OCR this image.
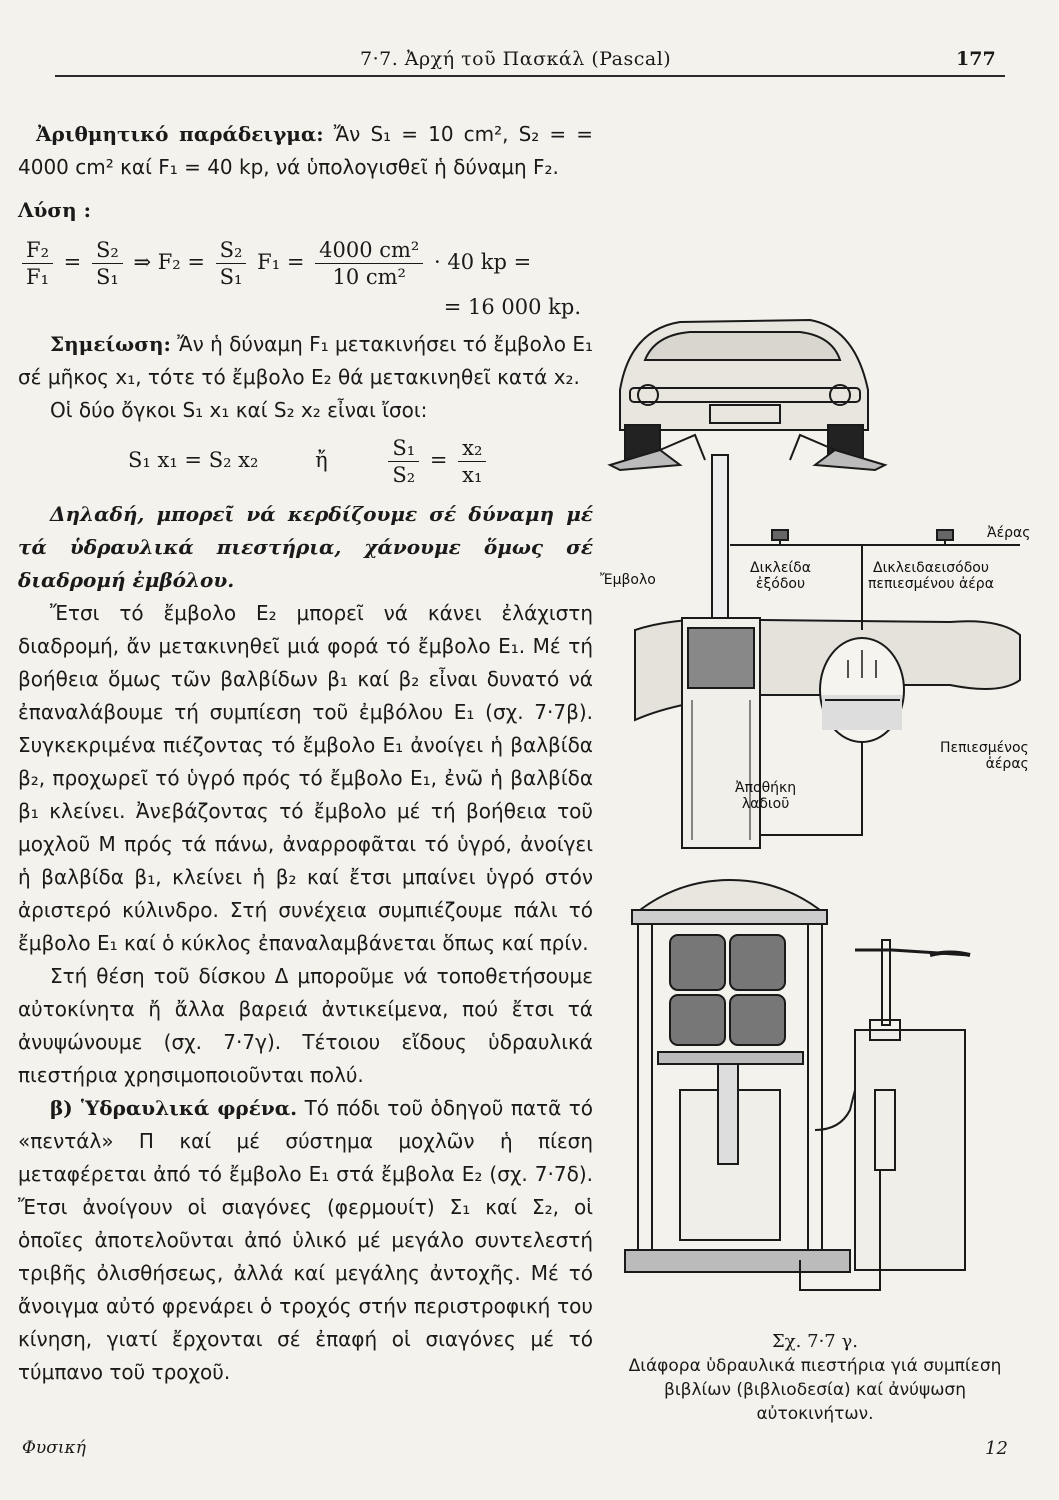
7·7. Ἀρχή τοῦ Πασκάλ (Pascal)	177

Ἀριθμητικό παράδειγμα: Ἄν S₁ = 10 cm², S₂ = = 4000 cm² καί F₁ = 40 kp, νά ὑπολογισθεῖ ἡ δύναμη F₂.

Λύση :

$\frac{\text{F₂}}{\text{F₁}} = \frac{\text{S₂}}{\text{S₁}}$ ⇒ $F_2 = \frac{\text{S₂}}{\text{S₁}} F_1 = \frac{\text{4000 cm²}}{\text{10 cm²}} \cdot 40$ kp =
= 16 000 kp.

Σημείωση: Ἄν ἡ δύναμη F₁ μετακινήσει τό ἔμβολο E₁ σέ μῆκος x₁, τότε τό ἔμβολο E₂ θά μετακινηθεῖ κατά x₂.

Οἱ δύο ὄγκοι S₁ x₁ καί S₂ x₂ εἶναι ἴσοι:

S₁ x₁ = S₂ x₂	ἤ	$\frac{\text{S₁}}{\text{S₂}} = \frac{\text{x₂}}{\text{x₁}}$

Δηλαδή, μπορεῖ νά κερδίζουμε σέ δύναμη μέ τά ὑδραυλικά πιεστήρια, χάνουμε ὅμως σέ διαδρομή ἐμβόλου.

Ἔτσι τό ἔμβολο E₂ μπορεῖ νά κάνει ἐλάχιστη διαδρομή, ἄν μετακινηθεῖ μιά φορά τό ἔμβολο E₁. Μέ τή βοήθεια ὅμως τῶν βαλβίδων β₁ καί β₂ εἶναι δυνατό νά ἐπαναλάβουμε τή συμπίεση τοῦ ἐμβόλου E₁ (σχ. 7·7β). Συγκεκριμένα πιέζοντας τό ἔμβολο E₁ ἀνοίγει ἡ βαλβίδα β₂, προχωρεῖ τό ὑγρό πρός τό ἔμβολο E₁, ἐνῶ ἡ βαλβίδα β₁ κλείνει. Ἀνεβάζοντας τό ἔμβολο μέ τή βοήθεια τοῦ μοχλοῦ M πρός τά πάνω, ἀναρροφᾶται τό ὑγρό, ἀνοίγει ἡ βαλβίδα β₁, κλείνει ἡ β₂ καί ἔτσι μπαίνει ὑγρό στόν ἀριστερό κύλινδρο. Στή συνέχεια συμπιέζουμε πάλι τό ἔμβολο E₁ καί ὁ κύκλος ἐπαναλαμβάνεται ὅπως καί πρίν.

Στή θέση τοῦ δίσκου Δ μποροῦμε νά τοποθετήσουμε αὐτοκίνητα ἤ ἄλλα βαρειά ἀντικείμενα, πού ἔτσι τά ἀνυψώνουμε (σχ. 7·7γ). Τέτοιου εἴδους ὑδραυλικά πιεστήρια χρησιμοποιοῦνται πολύ.

β) Ὑδραυλικά φρένα. Τό πόδι τοῦ ὁδηγοῦ πατᾶ τό «πεντάλ» Π καί μέ σύστημα μοχλῶν ἡ πίεση μεταφέρεται ἀπό τό ἔμβολο E₁ στά ἔμβολα E₂ (σχ. 7·7δ). Ἔτσι ἀνοίγουν οἱ σιαγόνες (φερμουίτ) Σ₁ καί Σ₂, οἱ ὁποῖες ἀποτελοῦνται ἀπό ὑλικό μέ μεγάλο συντελεστή τριβῆς ὀλισθήσεως, ἀλλά καί μεγάλης ἀντοχῆς. Μέ τό ἄνοιγμα αὐτό φρενάρει ὁ τροχός στήν περιστροφική του κίνηση, γιατί ἔρχονται σέ ἐπαφή οἱ σιαγόνες μέ τό τύμπανο τοῦ τροχοῦ.

Ἀέρας
Δικλείδα
ἐξόδου
Δικλειδαεισόδου
πεπιεσμένου ἀέρα
Ἔμβολο
Πεπιεσμένος
ἀέρας
Ἀποθήκη
λαδιοῦ
Σχ. 7·7 γ.
Διάφορα ὑδραυλικά πιεστήρια γιά συμπίεση βιβλίων (βιβλιοδεσία) καί ἀνύψωση αὐτοκινήτων.
Φυσική	12
